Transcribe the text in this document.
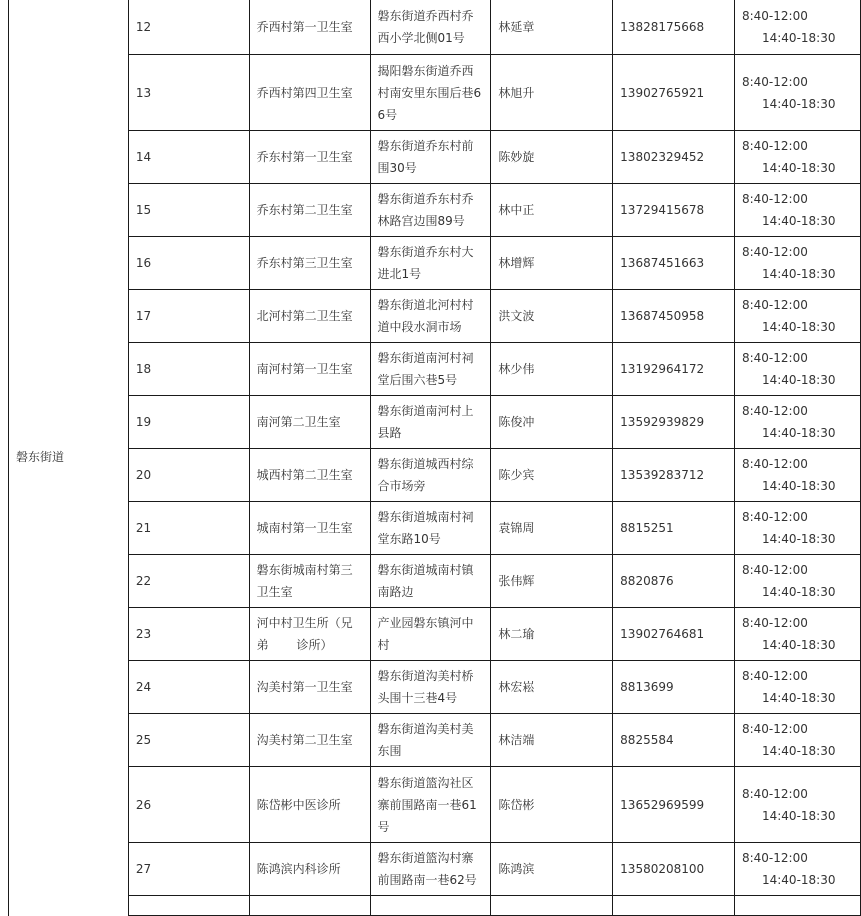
磐东街道	12	乔西村第一卫生室	磐东街道乔西村乔西小学北侧01号	林延章	13828175668	8:40-12:00
14:40-18:30

	13	乔西村第四卫生室	揭阳磐东街道乔西村南安里东围后巷66号	林旭升	13902765921	8:40-12:00
14:40-18:30

	14	乔东村第一卫生室	磐东街道乔东村前围30号	陈妙旋	13802329452	8:40-12:00
14:40-18:30

	15	乔东村第二卫生室	磐东街道乔东村乔林路宫边围89号	林中正	13729415678	8:40-12:00
14:40-18:30

	16	乔东村第三卫生室	磐东街道乔东村大进北1号	林增辉	13687451663	8:40-12:00
14:40-18:30

	17	北河村第二卫生室	磐东街道北河村村道中段水洞市场	洪文波	13687450958	8:40-12:00
14:40-18:30

	18	南河村第一卫生室	磐东街道南河村祠堂后围六巷5号	林少伟	13192964172	8:40-12:00
14:40-18:30

	19	南河第二卫生室	磐东街道南河村上县路	陈俊冲	13592939829	8:40-12:00
14:40-18:30

	20	城西村第二卫生室	磐东街道城西村综合市场旁	陈少宾	13539283712	8:40-12:00
14:40-18:30

	21	城南村第一卫生室	磐东街道城南村祠堂东路10号	袁锦周	8815251	8:40-12:00
14:40-18:30

	22	磐东街城南村第三卫生室	磐东街道城南村镇南路边	张伟辉	8820876	8:40-12:00
14:40-18:30

	23	河中村卫生所（兄
弟 诊所）	产业园磐东镇河中村	林二瑜	13902764681	8:40-12:00
14:40-18:30

	24	沟美村第一卫生室	磐东街道沟美村桥头围十三巷4号	林宏崧	8813699	8:40-12:00
14:40-18:30

	25	沟美村第二卫生室	磐东街道沟美村美东围	林洁端	8825584	8:40-12:00
14:40-18:30

	26	陈岱彬中医诊所	磐东街道篮沟社区寨前围路南一巷61号	陈岱彬	13652969599	8:40-12:00
14:40-18:30

	27	陈鸿滨内科诊所	磐东街道篮沟村寨前围路南一巷62号	陈鸿滨	13580208100	8:40-12:00
14:40-18:30
